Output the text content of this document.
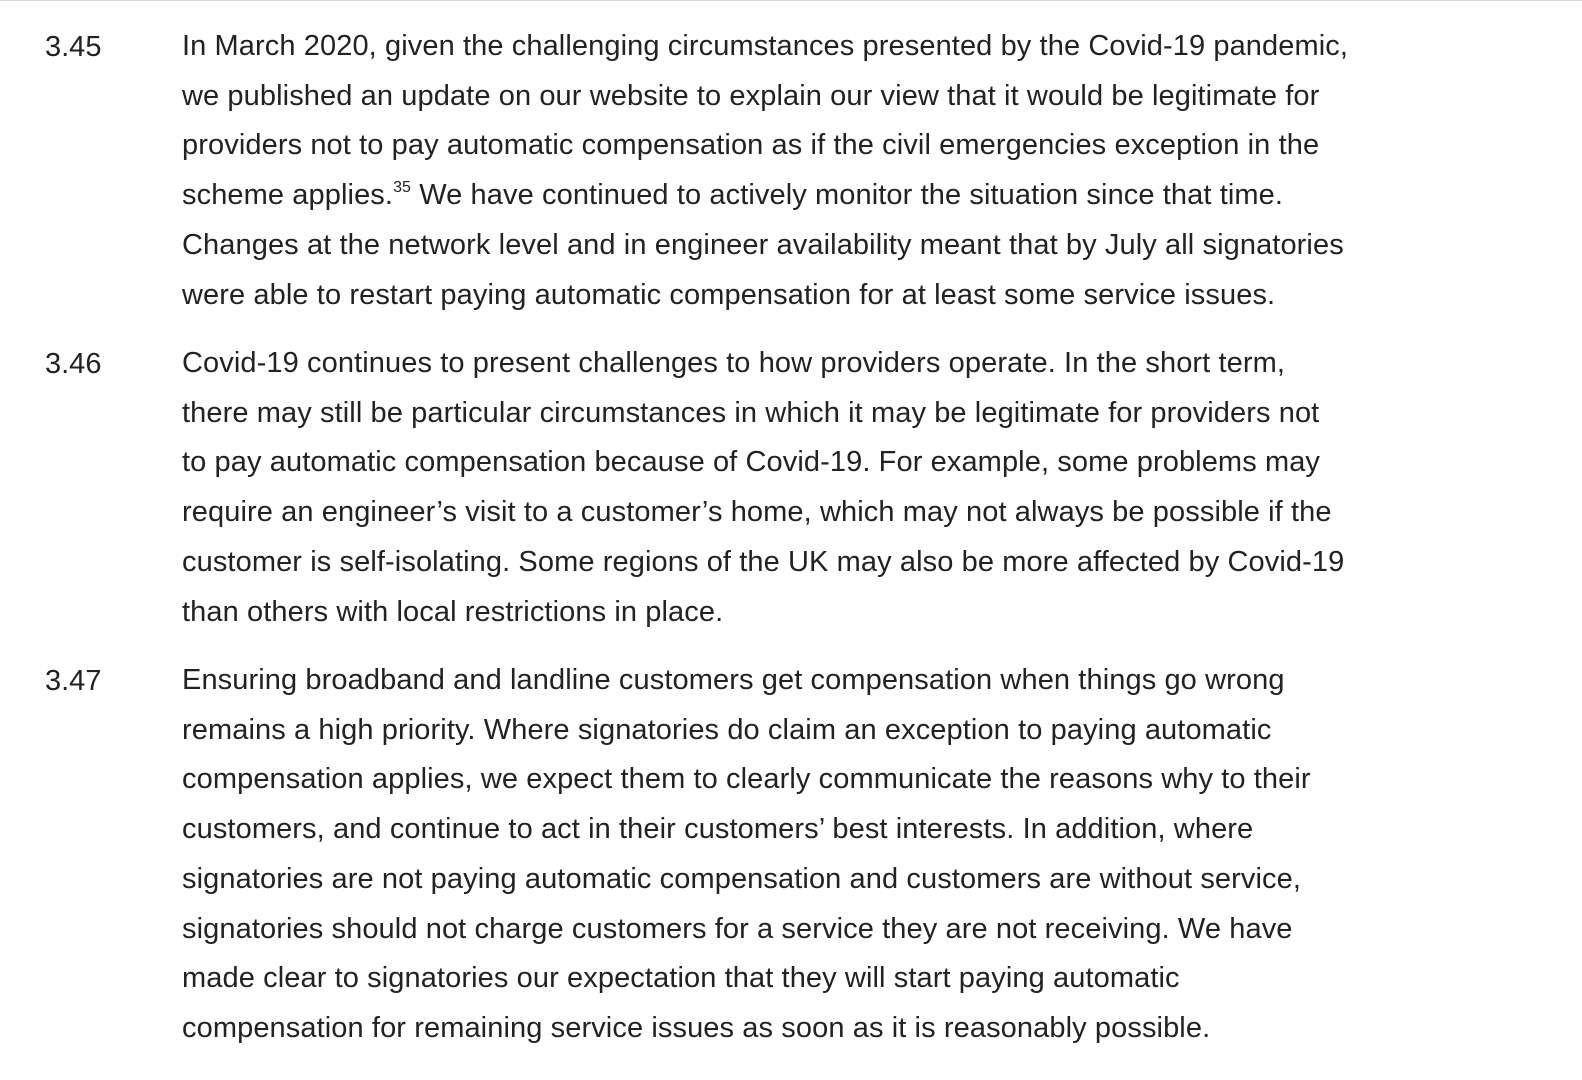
3.45	In March 2020, given the challenging circumstances presented by the Covid-19 pandemic,
we published an update on our website to explain our view that it would be legitimate for
providers not to pay automatic compensation as if the civil emergencies exception in the
scheme applies.$^{35}$ We have continued to actively monitor the situation since that time.
Changes at the network level and in engineer availability meant that by July all signatories
were able to restart paying automatic compensation for at least some service issues.
3.46	Covid-19 continues to present challenges to how providers operate. In the short term,
there may still be particular circumstances in which it may be legitimate for providers not
to pay automatic compensation because of Covid-19. For example, some problems may
require an engineer’s visit to a customer’s home, which may not always be possible if the
customer is self-isolating. Some regions of the UK may also be more affected by Covid-19
than others with local restrictions in place.
3.47	Ensuring broadband and landline customers get compensation when things go wrong
remains a high priority. Where signatories do claim an exception to paying automatic
compensation applies, we expect them to clearly communicate the reasons why to their
customers, and continue to act in their customers’ best interests. In addition, where
signatories are not paying automatic compensation and customers are without service,
signatories should not charge customers for a service they are not receiving. We have
made clear to signatories our expectation that they will start paying automatic
compensation for remaining service issues as soon as it is reasonably possible.
